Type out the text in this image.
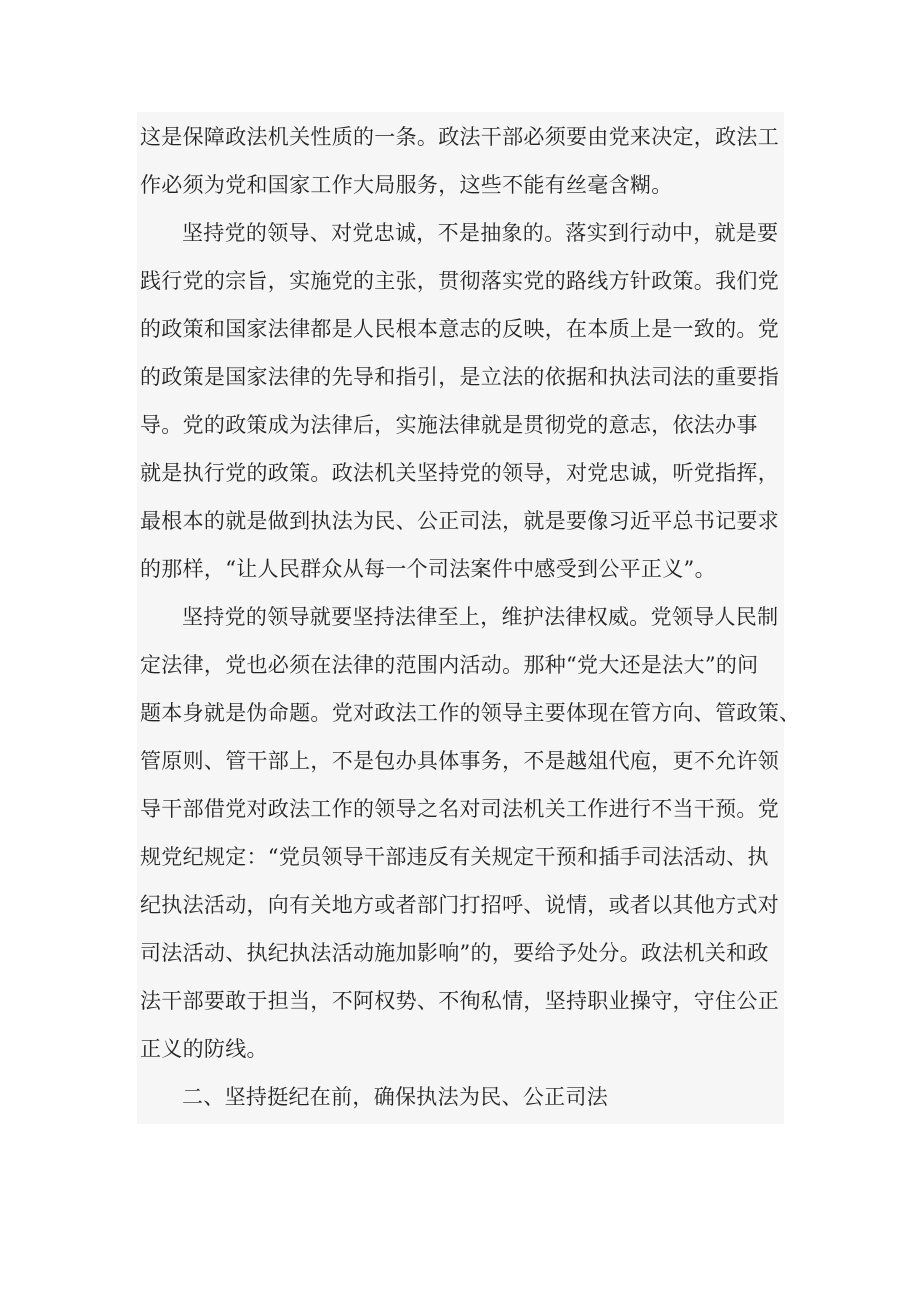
这是保障政法机关性质的一条。政法干部必须要由党来决定，政法工
作必须为党和国家工作大局服务，这些不能有丝毫含糊。
坚持党的领导、对党忠诚，不是抽象的。落实到行动中，就是要
践行党的宗旨，实施党的主张，贯彻落实党的路线方针政策。我们党
的政策和国家法律都是人民根本意志的反映，在本质上是一致的。党
的政策是国家法律的先导和指引，是立法的依据和执法司法的重要指
导。党的政策成为法律后，实施法律就是贯彻党的意志，依法办事
就是执行党的政策。政法机关坚持党的领导，对党忠诚，听党指挥，
最根本的就是做到执法为民、公正司法，就是要像习近平总书记要求
的那样，“让人民群众从每一个司法案件中感受到公平正义”。
坚持党的领导就要坚持法律至上，维护法律权威。党领导人民制
定法律，党也必须在法律的范围内活动。那种“党大还是法大”的问
题本身就是伪命题。党对政法工作的领导主要体现在管方向、管政策、
管原则、管干部上，不是包办具体事务，不是越俎代庖，更不允许领
导干部借党对政法工作的领导之名对司法机关工作进行不当干预。党
规党纪规定：“党员领导干部违反有关规定干预和插手司法活动、执
纪执法活动，向有关地方或者部门打招呼、说情，或者以其他方式对
司法活动、执纪执法活动施加影响”的，要给予处分。政法机关和政
法干部要敢于担当，不阿权势、不徇私情，坚持职业操守，守住公正
正义的防线。
二、坚持挺纪在前，确保执法为民、公正司法
